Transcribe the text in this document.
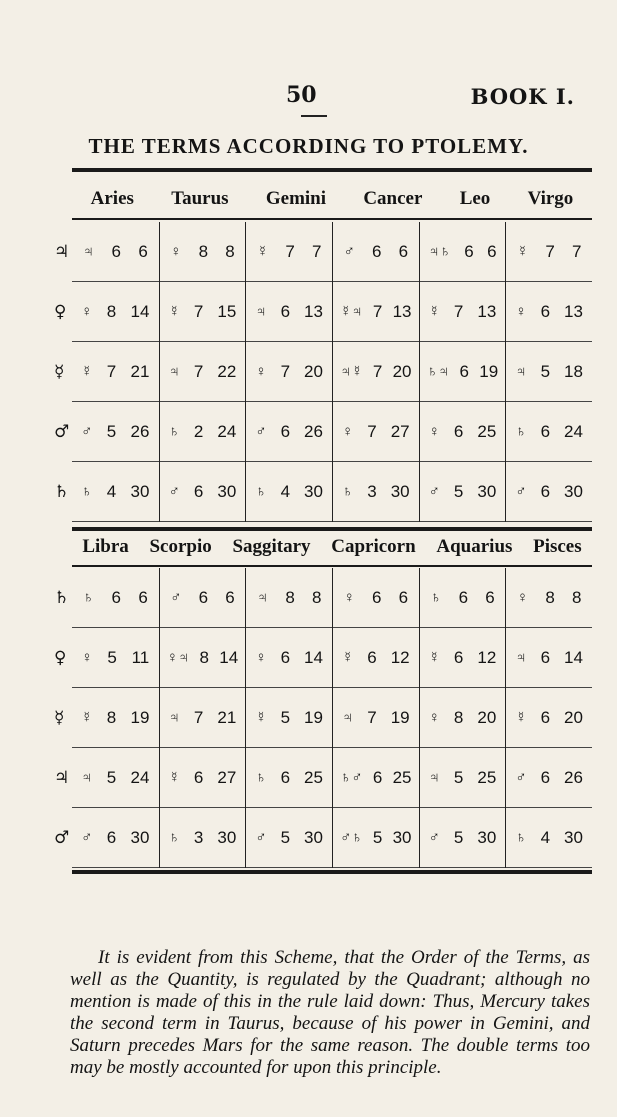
50	BOOK I.
THE TERMS ACCORDING TO PTOLEMY.
Aries Taurus Gemini Cancer Leo Virgo
♃
♀
☿
♂
♄
♃ 6 6
♀ 8 14
☿ 7 21
♂ 5 26
♄ 4 30
♀ 8 8
☿ 7 15
♃ 7 22
♄ 2 24
♂ 6 30
☿ 7 7
♃ 6 13
♀ 7 20
♂ 6 26
♄ 4 30
♂ 6 6
☿♃ 7 13
♃☿ 7 20
♀ 7 27
♄ 3 30
♃♄ 6 6
☿ 7 13
♄♃ 6 19
♀ 6 25
♂ 5 30
☿ 7 7
♀ 6 13
♃ 5 18
♄ 6 24
♂ 6 30
Libra Scorpio Saggitary Capricorn Aquarius Pisces
♄
♀
☿
♃
♂
♄ 6 6
♀ 5 11
☿ 8 19
♃ 5 24
♂ 6 30
♂ 6 6
♀♃ 8 14
♃ 7 21
☿ 6 27
♄ 3 30
♃ 8 8
♀ 6 14
☿ 5 19
♄ 6 25
♂ 5 30
♀ 6 6
☿ 6 12
♃ 7 19
♄♂ 6 25
♂♄ 5 30
♄ 6 6
☿ 6 12
♀ 8 20
♃ 5 25
♂ 5 30
♀ 8 8
♃ 6 14
☿ 6 20
♂ 6 26
♄ 4 30

It is evident from this Scheme, that the Order of the Terms, as well as the Quantity, is regulated by the Quadrant; although no mention is made of this in the rule laid down: Thus, Mercury takes the second term in Taurus, because of his power in Gemini, and Saturn precedes Mars for the same reason. The double terms too may be mostly accounted for upon this principle.
